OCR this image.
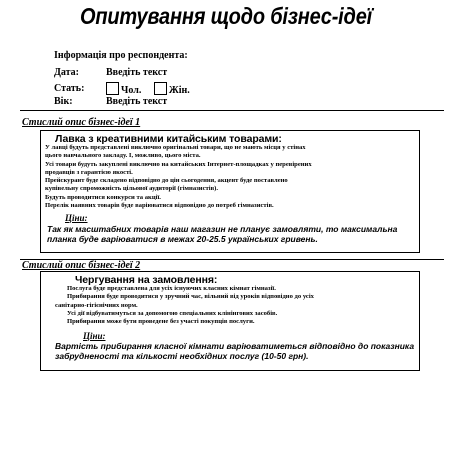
Опитування щодо бізнес-ідеї
Інформація про респондента:
Дата:	Введіть текст
Стать:	Чол.	Жін.
Вік:	Введіть текст
Стислий опис бізнес-ідеї 1
Лавка з креативними китайським товарами:
У лавці будуть представлені виключно оригінальні товари, що не мають місця у стінах
цього навчального закладу. І, можливо, цього міста.
Усі товари будуть закуплені виключно на китайських Інтернет-площадках у перевірених
продавців з гарантією якості.
Прейскурант буде складено відповідно до цін сьогодення, акцент буде поставлено
купівельну спроможність цільової аудиторії (гімназистів).
Будуть проводитися конкурси та акції.
Перелік наявних товарів буде варіюватися відповідно до потреб гімназистів.
Ціни:
Так як масштабних товарів наш магазин не планує замовляти, то максимальна планка буде варіюватися в межах 20-25.5 українських гривень.
Стислий опис бізнес-ідеї 2
Чергування на замовлення:
Послуга буде представлена для усіх існуючих класних кімнат гімназії.
Прибирання буде проводитися у зручний час, вільний від уроків відповідно до усіх
санітарно-гігієнічних норм.
Усі дії відбуватимуться за допомогою спеціальних клінінгових засобів.
Прибирання може бути проведене без участі покупців послуги.
Ціни:
Вартість прибирання класної кімнати варіюватиметься відповідно до показника забрудненості та кількості необхідних послуг (10-50 грн).
